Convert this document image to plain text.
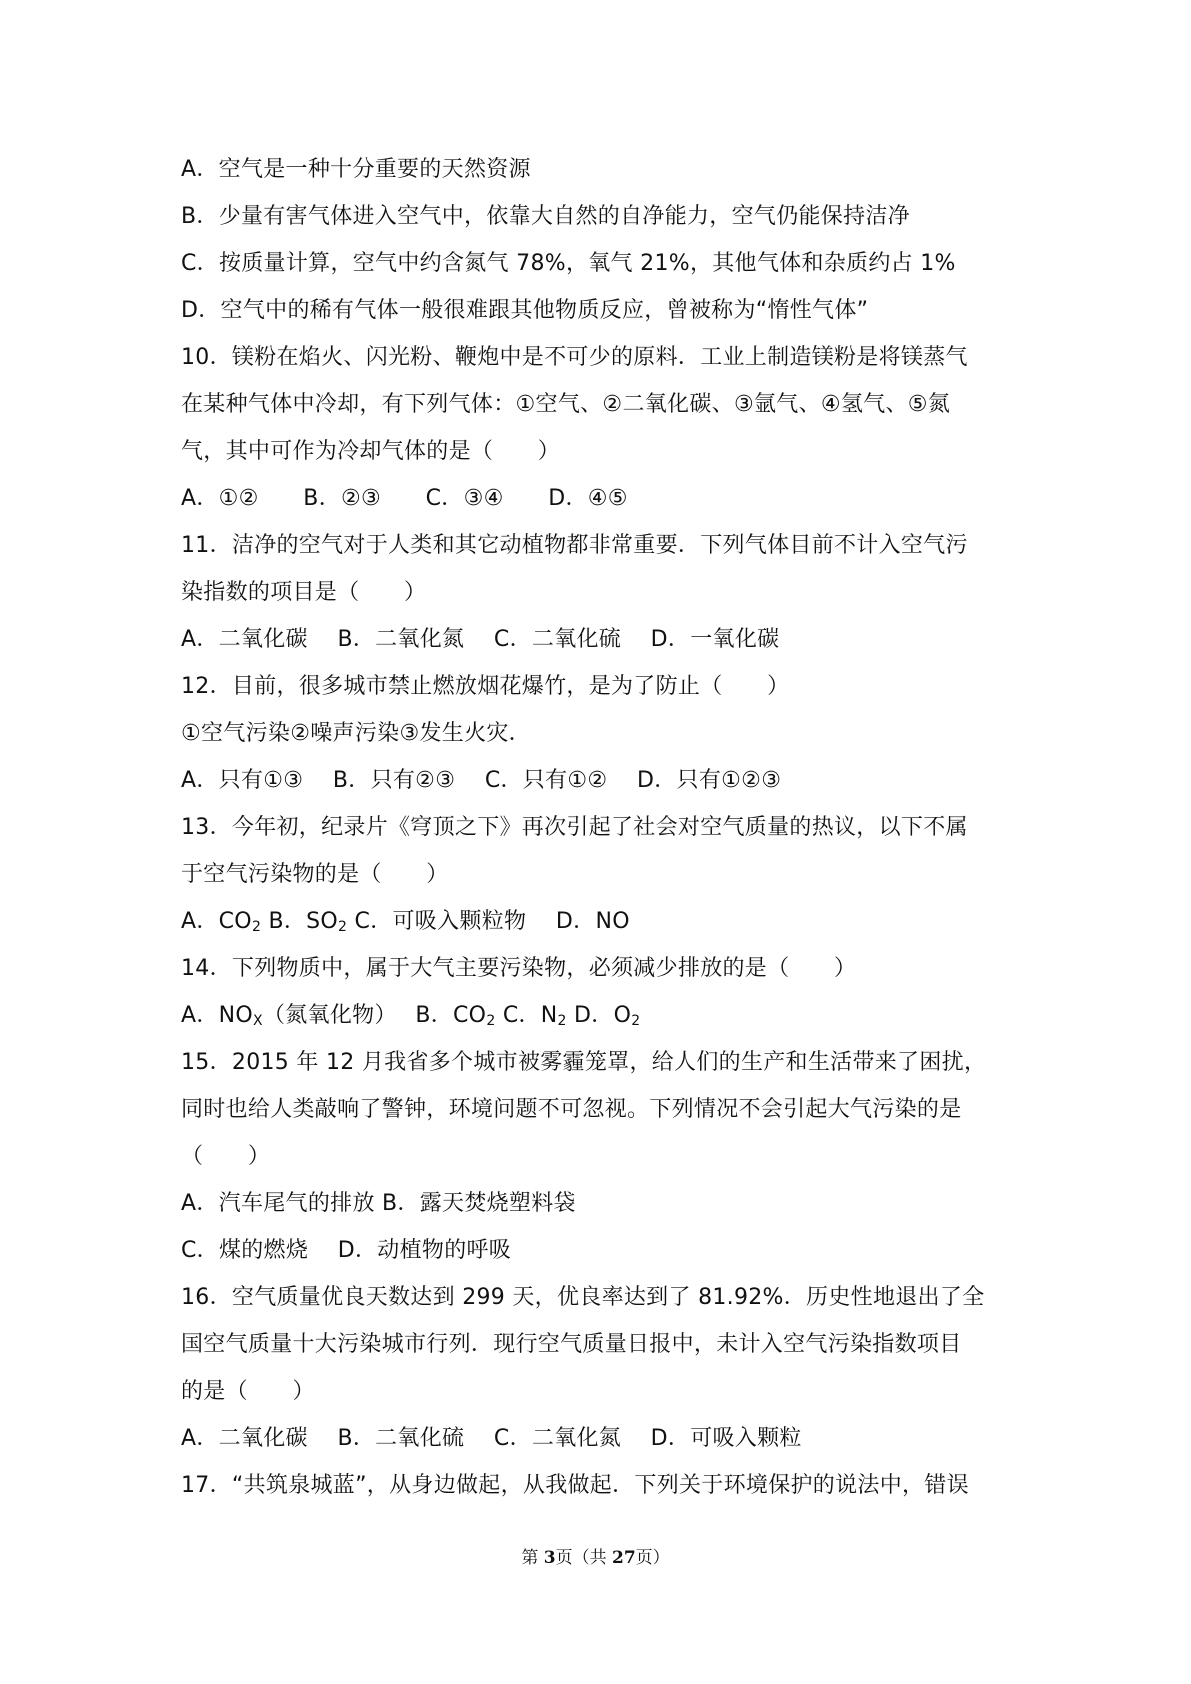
A．空气是一种十分重要的天然资源
B．少量有害气体进入空气中，依靠大自然的自净能力，空气仍能保持洁净
C．按质量计算，空气中约含氮气 78%，氧气 21%，其他气体和杂质约占 1%
D．空气中的稀有气体一般很难跟其他物质反应，曾被称为“惰性气体”
10．镁粉在焰火、闪光粉、鞭炮中是不可少的原料．工业上制造镁粉是将镁蒸气
在某种气体中冷却，有下列气体：①空气、②二氧化碳、③氩气、④氢气、⑤氮
气，其中可作为冷却气体的是（　　）
A．①②　　B．②③　　C．③④　　D．④⑤
11．洁净的空气对于人类和其它动植物都非常重要．下列气体目前不计入空气污
染指数的项目是（　　）
A．二氧化碳　 B．二氧化氮　 C．二氧化硫　 D．一氧化碳
12．目前，很多城市禁止燃放烟花爆竹，是为了防止（　　）
①空气污染②噪声污染③发生火灾．
A．只有①③　 B．只有②③　 C．只有①②　 D．只有①②③
13．今年初，纪录片《穹顶之下》再次引起了社会对空气质量的热议，以下不属
于空气污染物的是（　　）
A．$CO_2$ B．$SO_2$ C．可吸入颗粒物　 D．NO
14．下列物质中，属于大气主要污染物，必须减少排放的是（　　）
A．$NO_X$（氮氧化物）　 B．$CO_2$ C．$N_2$ D．$O_2$
15．2015 年 12 月我省多个城市被雾霾笼罩，给人们的生产和生活带来了困扰，
同时也给人类敲响了警钟，环境问题不可忽视。下列情况不会引起大气污染的是
（　　）
A．汽车尾气的排放 B．露天焚烧塑料袋
C．煤的燃烧　 D．动植物的呼吸
16．空气质量优良天数达到 299 天，优良率达到了 81.92%．历史性地退出了全
国空气质量十大污染城市行列．现行空气质量日报中，未计入空气污染指数项目
的是（　　）
A．二氧化碳　 B．二氧化硫　 C．二氧化氮　 D．可吸入颗粒
17．“共筑泉城蓝”，从身边做起，从我做起．下列关于环境保护的说法中，错误
第 3页（共 27页）
